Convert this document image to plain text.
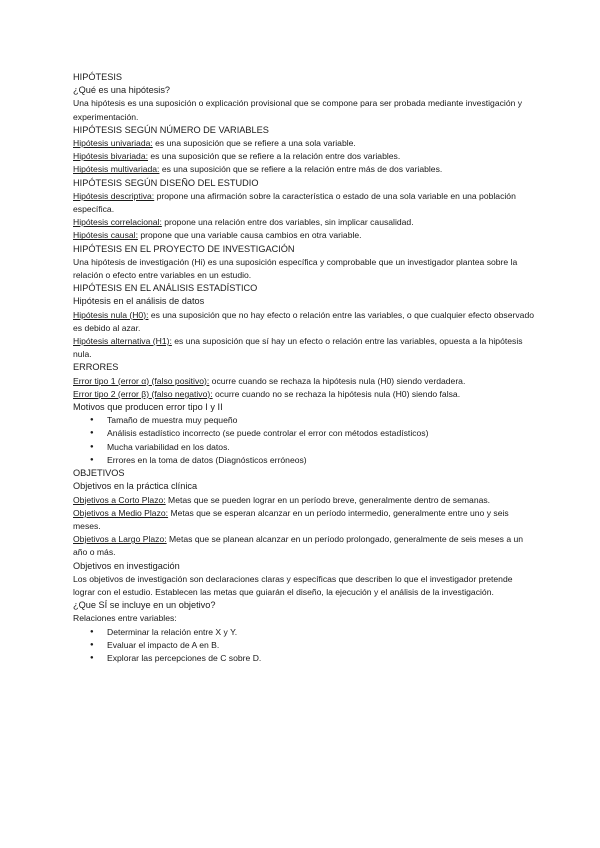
HIPÓTESIS
¿Qué es una hipótesis?
Una hipótesis es una suposición o explicación provisional que se compone para ser probada mediante investigación y experimentación.
HIPÓTESIS SEGÚN NÚMERO DE VARIABLES
Hipótesis univariada: es una suposición que se refiere a una sola variable.
Hipótesis bivariada: es una suposición que se refiere a la relación entre dos variables.
Hipótesis multivariada: es una suposición que se refiere a la relación entre más de dos variables.
HIPÓTESIS SEGÚN DISEÑO DEL ESTUDIO
Hipótesis descriptiva: propone una afirmación sobre la característica o estado de una sola variable en una población específica.
Hipótesis correlacional: propone una relación entre dos variables, sin implicar causalidad.
Hipótesis causal: propone que una variable causa cambios en otra variable.
HIPÓTESIS EN EL PROYECTO DE INVESTIGACIÓN
Una hipótesis de investigación (Hi) es una suposición específica y comprobable que un investigador plantea sobre la relación o efecto entre variables en un estudio.
HIPÓTESIS EN EL ANÁLISIS ESTADÍSTICO
Hipótesis en el análisis de datos
Hipótesis nula (H0): es una suposición que no hay efecto o relación entre las variables, o que cualquier efecto observado es debido al azar.
Hipótesis alternativa (H1): es una suposición que sí hay un efecto o relación entre las variables, opuesta a la hipótesis nula.
ERRORES
Error tipo 1 (error α) (falso positivo): ocurre cuando se rechaza la hipótesis nula (H0) siendo verdadera.
Error tipo 2 (error β) (falso negativo): ocurre cuando no se rechaza la hipótesis nula (H0) siendo falsa.
Motivos que producen error tipo I y II
● Tamaño de muestra muy pequeño
● Análisis estadístico incorrecto (se puede controlar el error con métodos estadísticos)
● Mucha variabilidad en los datos.
● Errores en la toma de datos (Diagnósticos erróneos)
OBJETIVOS
Objetivos en la práctica clínica
Objetivos a Corto Plazo: Metas que se pueden lograr en un período breve, generalmente dentro de semanas.
Objetivos a Medio Plazo: Metas que se esperan alcanzar en un período intermedio, generalmente entre uno y seis meses.
Objetivos a Largo Plazo: Metas que se planean alcanzar en un período prolongado, generalmente de seis meses a un año o más.
Objetivos en investigación
Los objetivos de investigación son declaraciones claras y específicas que describen lo que el investigador pretende lograr con el estudio. Establecen las metas que guiarán el diseño, la ejecución y el análisis de la investigación.
¿Que SÍ se incluye en un objetivo?
Relaciones entre variables:
● Determinar la relación entre X y Y.
● Evaluar el impacto de A en B.
● Explorar las percepciones de C sobre D.
